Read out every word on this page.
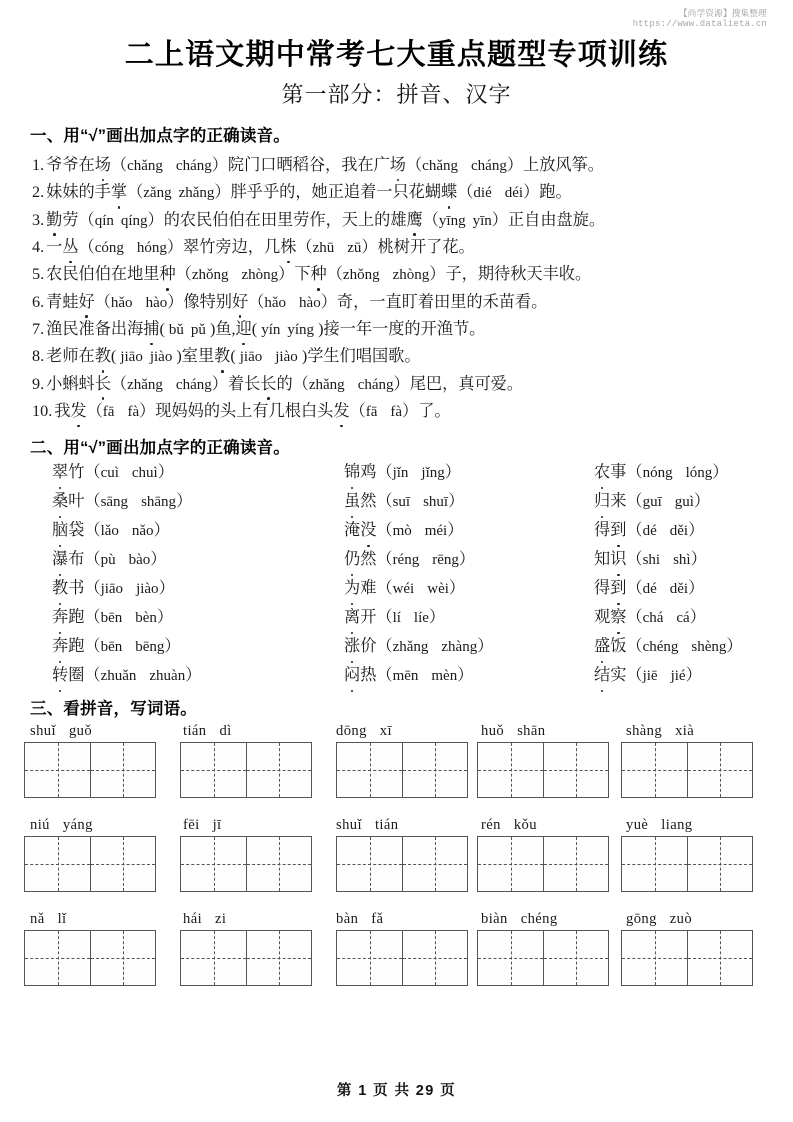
【尚学资源】搜集整理
https://www.datalieta.cn
二上语文期中常考七大重点题型专项训练
第一部分：拼音、汉字
一、用“√”画出加点字的正确读音。
1. 爷爷在场（chǎng cháng）院门口晒稻谷，我在广场（chǎng cháng）上放风筝。
2. 妹妹的手掌（zǎng zhǎng）胖乎乎的，她正追着一只花蝴蝶（dié déi）跑。
3. 勤劳（qín qíng）的农民伯伯在田里劳作，天上的雄鹰（yīng yīn）正自由盘旋。
4. 一丛（cóng hóng）翠竹旁边，几株（zhū zū）桃树开了花。
5. 农民伯伯在地里种（zhǒng zhòng）下种（zhǒng zhòng）子，期待秋天丰收。
6. 青蛙好（hǎo hào）像特别好（hǎo hào）奇，一直盯着田里的禾苗看。
7. 渔民准备出海捕( bǔ pǔ )鱼,迎( yín yíng )接一年一度的开渔节。
8. 老师在教( jiāo jiào )室里教( jiāo jiào )学生们唱国歌。
9. 小蝌蚪长（zhǎng cháng）着长长的（zhǎng cháng）尾巴，真可爱。
10. 我发（fā fà）现妈妈的头上有几根白头发（fā fà）了。
二、用“√”画出加点字的正确读音。
翠竹（cuì chuì）	锦鸡（jǐn jǐng）	农事（nóng lóng）
桑叶（sāng shāng）	虽然（suī shuī）	归来（guī guì）
脑袋（lǎo nǎo）	淹没（mò méi）	得到（dé děi）
瀑布（pù bào）	仍然（réng rēng）	知识（shi shì）
教书（jiāo jiào）	为难（wéi wèi）	得到（dé děi）
奔跑（bēn bèn）	离开（lí líe）	观察（chá cá）
奔跑（bēn bēng）	涨价（zhǎng zhàng）	盛饭（chéng shèng）
转圈（zhuǎn zhuàn）	闷热（mēn mèn）	结实（jiē jié）
三、看拼音，写词语。
shuǐ guǒ	tián dì	dōng xī	huǒ shān	shàng xià
niú yáng	fēi jī	shuǐ tián	rén kǒu	yuè liang
nǎ lǐ	hái zi	bàn fǎ	biàn chéng	gōng zuò
第 1 页 共 29 页
